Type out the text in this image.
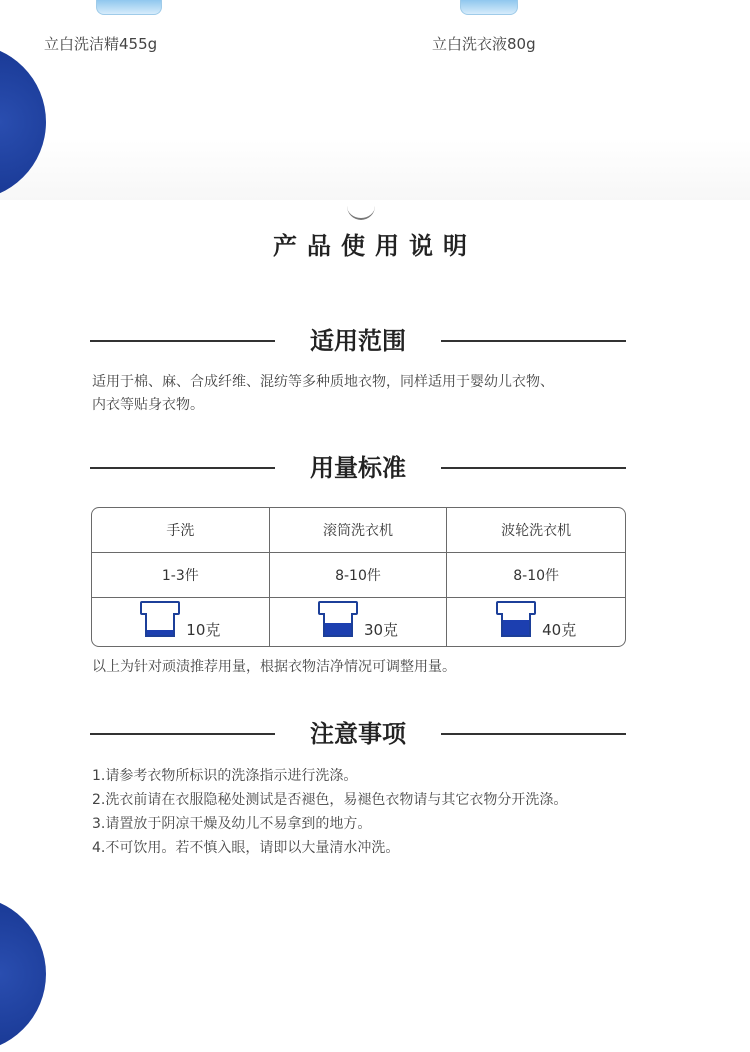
立白洗洁精455g	立白洗衣液80g
产品使用说明
适用范围
适用于棉、麻、合成纤维、混纺等多种质地衣物，同样适用于婴幼儿衣物、
内衣等贴身衣物。
用量标准
手洗	滚筒洗衣机	波轮洗衣机
1-3件	8-10件	8-10件

10克	30克	40克
以上为针对顽渍推荐用量，根据衣物洁净情况可调整用量。
注意事项
1.请参考衣物所标识的洗涤指示进行洗涤。
2.洗衣前请在衣服隐秘处测试是否褪色，易褪色衣物请与其它衣物分开洗涤。
3.请置放于阴凉干燥及幼儿不易拿到的地方。
4.不可饮用。若不慎入眼，请即以大量清水冲洗。
